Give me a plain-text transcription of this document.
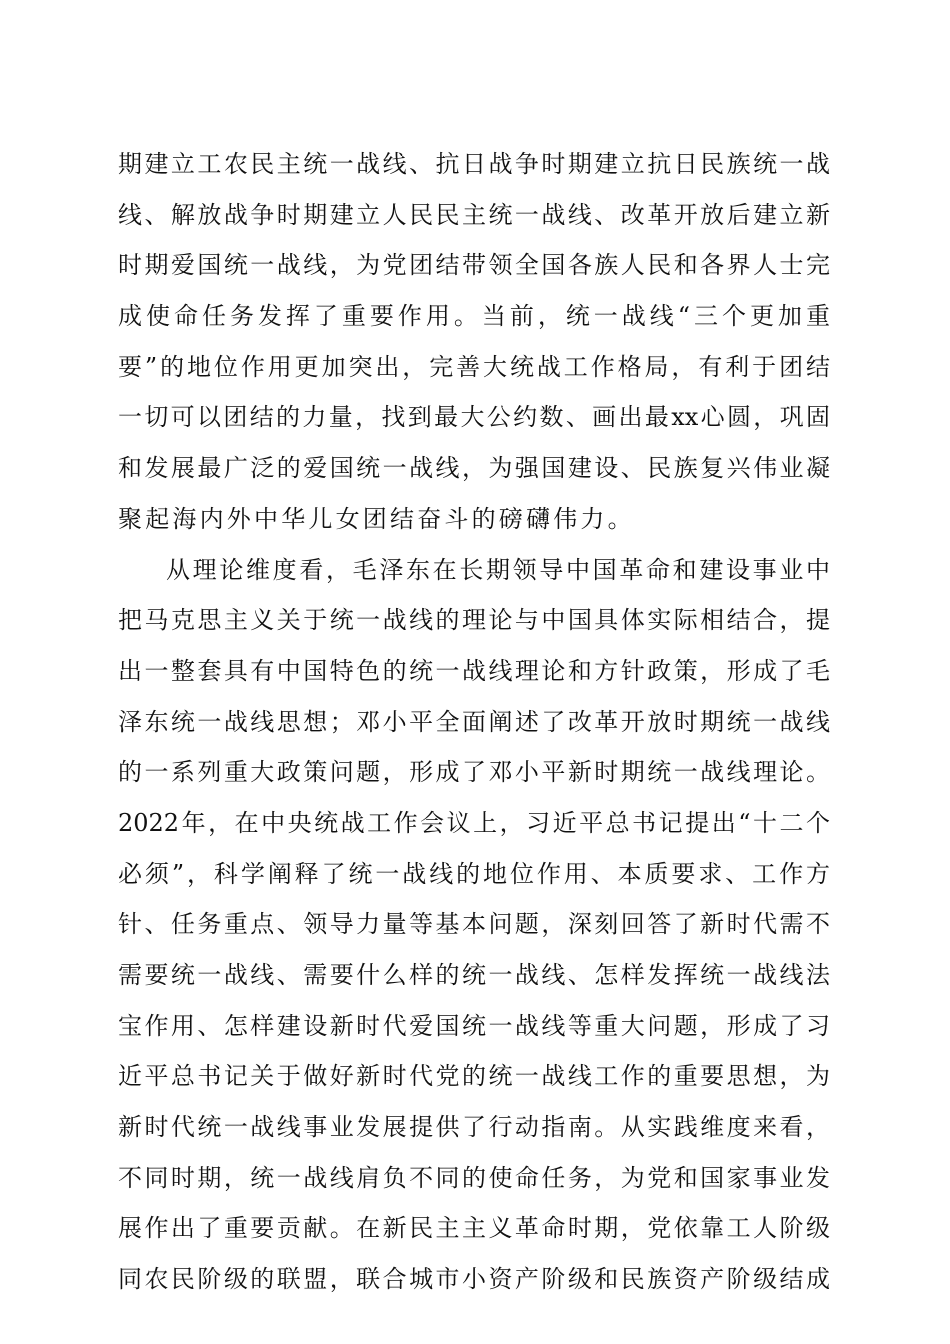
期建立工农民主统一战线、抗日战争时期建立抗日民族统一战
线、解放战争时期建立人民民主统一战线、改革开放后建立新
时期爱国统一战线，为党团结带领全国各族人民和各界人士完
成使命任务发挥了重要作用。当前，统一战线“三个更加重
要”的地位作用更加突出，完善大统战工作格局，有利于团结
一切可以团结的力量，找到最大公约数、画出最xx心圆，巩固
和发展最广泛的爱国统一战线，为强国建设、民族复兴伟业凝
聚起海内外中华儿女团结奋斗的磅礴伟力。
从理论维度看，毛泽东在长期领导中国革命和建设事业中
把马克思主义关于统一战线的理论与中国具体实际相结合，提
出一整套具有中国特色的统一战线理论和方针政策，形成了毛
泽东统一战线思想；邓小平全面阐述了改革开放时期统一战线
的一系列重大政策问题，形成了邓小平新时期统一战线理论。
2022年，在中央统战工作会议上，习近平总书记提出“十二个
必须”，科学阐释了统一战线的地位作用、本质要求、工作方
针、任务重点、领导力量等基本问题，深刻回答了新时代需不
需要统一战线、需要什么样的统一战线、怎样发挥统一战线法
宝作用、怎样建设新时代爱国统一战线等重大问题，形成了习
近平总书记关于做好新时代党的统一战线工作的重要思想，为
新时代统一战线事业发展提供了行动指南。从实践维度来看，
不同时期，统一战线肩负不同的使命任务，为党和国家事业发
展作出了重要贡献。在新民主主义革命时期，党依靠工人阶级
同农民阶级的联盟，联合城市小资产阶级和民族资产阶级结成
